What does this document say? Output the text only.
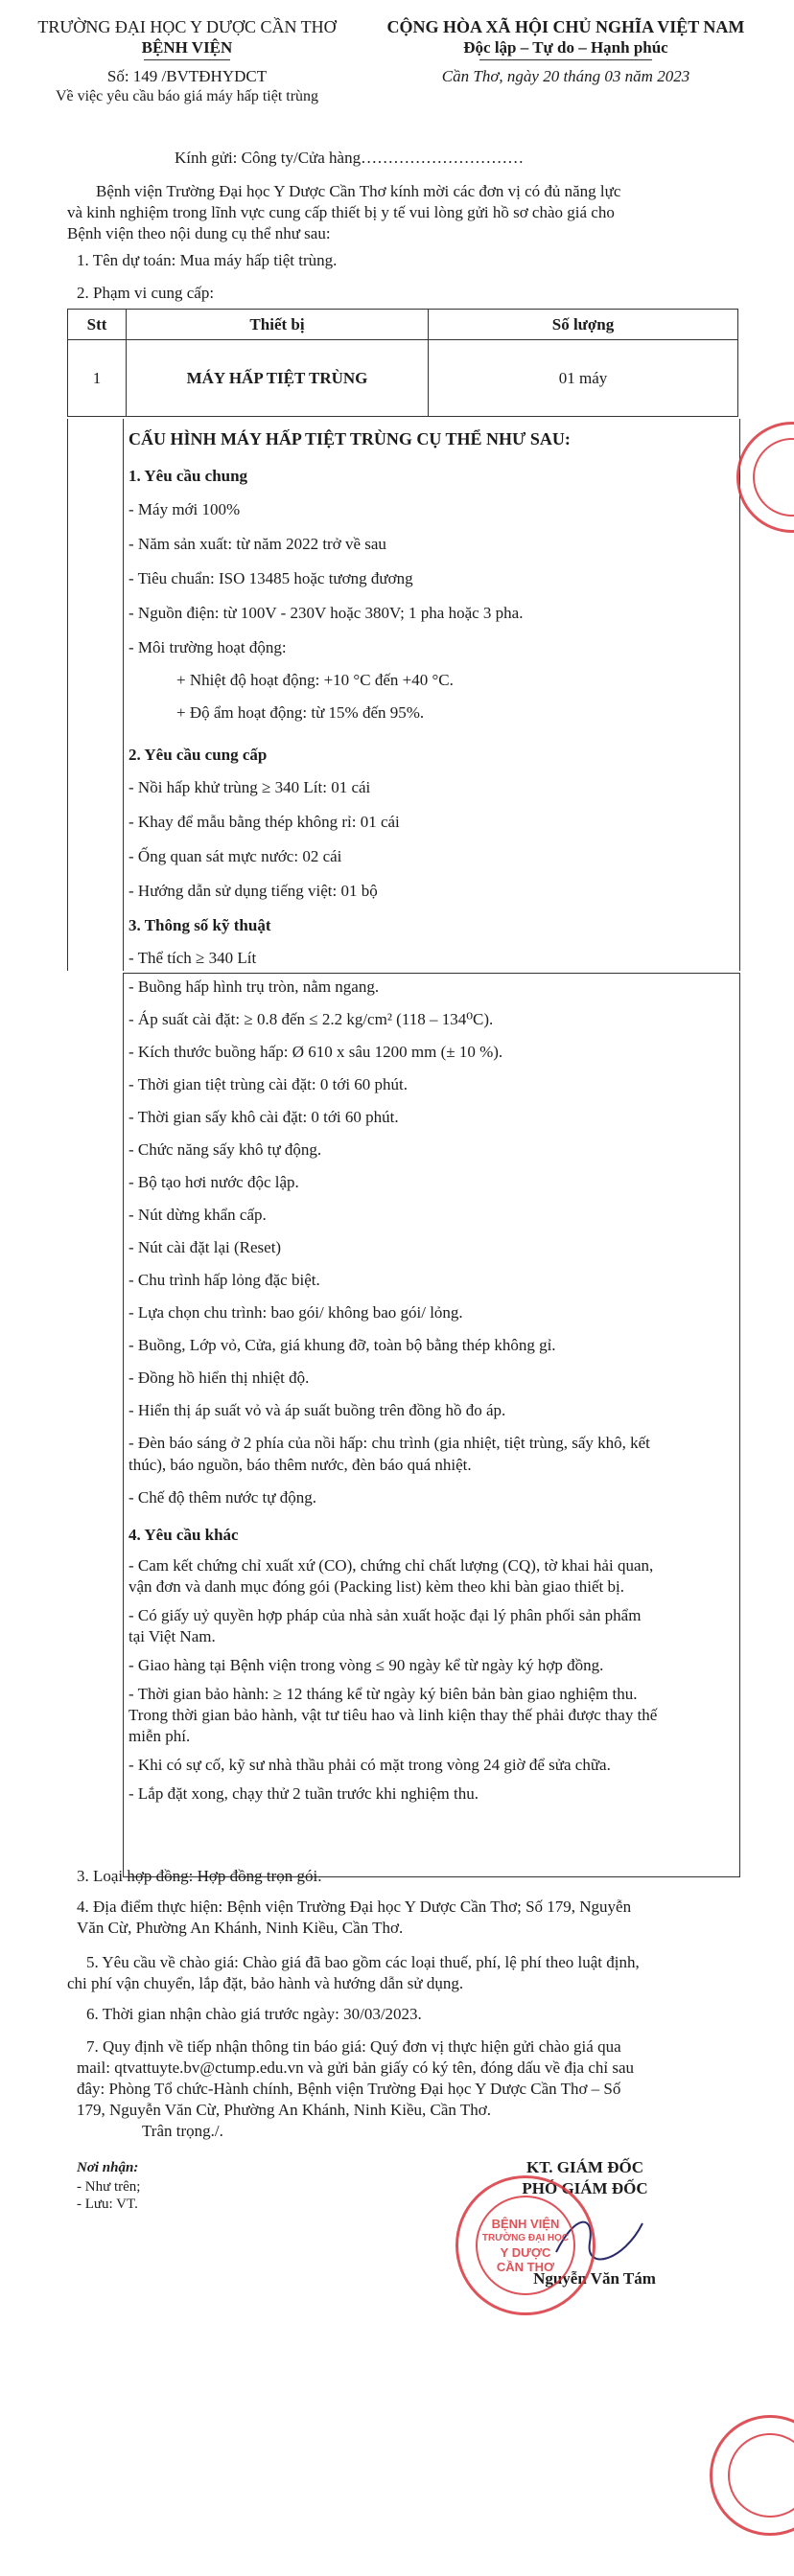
TRƯỜNG ĐẠI HỌC Y DƯỢC CẦN THƠ
BỆNH VIỆN
Số: 149 /BVTĐHYDCT
Về việc yêu cầu báo giá máy hấp tiệt trùng
CỘNG HÒA XÃ HỘI CHỦ NGHĨA VIỆT NAM
Độc lập – Tự do – Hạnh phúc
Cần Thơ, ngày 20 tháng 03 năm 2023
Kính gửi: Công ty/Cửa hàng…………………………
Bệnh viện Trường Đại học Y Dược Cần Thơ kính mời các đơn vị có đủ năng lực
và kinh nghiệm trong lĩnh vực cung cấp thiết bị y tế vui lòng gửi hồ sơ chào giá cho
Bệnh viện theo nội dung cụ thể như sau:
1. Tên dự toán: Mua máy hấp tiệt trùng.
2. Phạm vi cung cấp:
Stt	Thiết bị	Số lượng
1	MÁY HẤP TIỆT TRÙNG	01 máy
CẤU HÌNH MÁY HẤP TIỆT TRÙNG CỤ THỂ NHƯ SAU:
1. Yêu cầu chung
- Máy mới 100%
- Năm sản xuất: từ năm 2022 trở về sau
- Tiêu chuẩn: ISO 13485 hoặc tương đương
- Nguồn điện: từ 100V - 230V hoặc 380V; 1 pha hoặc 3 pha.
- Môi trường hoạt động:
+ Nhiệt độ hoạt động: +10 °C đến +40 °C.
+ Độ ẩm hoạt động: từ 15% đến 95%.
2. Yêu cầu cung cấp
- Nồi hấp khử trùng ≥ 340 Lít: 01 cái
- Khay để mẫu bằng thép không rỉ: 01 cái
- Ống quan sát mực nước: 02 cái
- Hướng dẫn sử dụng tiếng việt: 01 bộ
3. Thông số kỹ thuật
- Thể tích ≥ 340 Lít
- Buồng hấp hình trụ tròn, nằm ngang.
- Áp suất cài đặt: ≥ 0.8 đến ≤ 2.2 kg/cm² (118 – 134⁰C).
- Kích thước buồng hấp: Ø 610 x sâu 1200 mm (± 10 %).
- Thời gian tiệt trùng cài đặt: 0 tới 60 phút.
- Thời gian sấy khô cài đặt: 0 tới 60 phút.
- Chức năng sấy khô tự động.
- Bộ tạo hơi nước độc lập.
- Nút dừng khẩn cấp.
- Nút cài đặt lại (Reset)
- Chu trình hấp lỏng đặc biệt.
- Lựa chọn chu trình: bao gói/ không bao gói/ lỏng.
- Buồng, Lớp vỏ, Cửa, giá khung đỡ, toàn bộ bằng thép không gỉ.
- Đồng hồ hiển thị nhiệt độ.
- Hiển thị áp suất vỏ và áp suất buồng trên đồng hồ đo áp.
- Đèn báo sáng ở 2 phía của nồi hấp: chu trình (gia nhiệt, tiệt trùng, sấy khô, kết
thúc), báo nguồn, báo thêm nước, đèn báo quá nhiệt.
- Chế độ thêm nước tự động.
4. Yêu cầu khác
- Cam kết chứng chỉ xuất xứ (CO), chứng chỉ chất lượng (CQ), tờ khai hải quan,
vận đơn và danh mục đóng gói (Packing list) kèm theo khi bàn giao thiết bị.
- Có giấy uỷ quyền hợp pháp của nhà sản xuất hoặc đại lý phân phối sản phẩm
tại Việt Nam.
- Giao hàng tại Bệnh viện trong vòng ≤ 90 ngày kể từ ngày ký hợp đồng.
- Thời gian bảo hành: ≥ 12 tháng kể từ ngày ký biên bản bàn giao nghiệm thu.
Trong thời gian bảo hành, vật tư tiêu hao và linh kiện thay thế phải được thay thế
miễn phí.
- Khi có sự cố, kỹ sư nhà thầu phải có mặt trong vòng 24 giờ để sửa chữa.
- Lắp đặt xong, chạy thử 2 tuần trước khi nghiệm thu.
3. Loại hợp đồng: Hợp đồng trọn gói.
4. Địa điểm thực hiện: Bệnh viện Trường Đại học Y Dược Cần Thơ; Số 179, Nguyễn
Văn Cừ, Phường An Khánh, Ninh Kiều, Cần Thơ.
5. Yêu cầu về chào giá: Chào giá đã bao gồm các loại thuế, phí, lệ phí theo luật định,
chi phí vận chuyển, lắp đặt, bảo hành và hướng dẫn sử dụng.
6. Thời gian nhận chào giá trước ngày: 30/03/2023.
7. Quy định về tiếp nhận thông tin báo giá: Quý đơn vị thực hiện gửi chào giá qua
mail: qtvattuyte.bv@ctump.edu.vn và gửi bản giấy có ký tên, đóng dấu về địa chỉ sau
đây: Phòng Tổ chức-Hành chính, Bệnh viện Trường Đại học Y Dược Cần Thơ – Số
179, Nguyễn Văn Cừ, Phường An Khánh, Ninh Kiều, Cần Thơ.
Trân trọng./.
Nơi nhận:
- Như trên;
- Lưu: VT.
KT. GIÁM ĐỐC
PHÓ GIÁM ĐỐC
Nguyễn Văn Tám
BỆNH VIỆN
TRƯỜNG ĐẠI HỌC
Y DƯỢC
CẦN THƠ
